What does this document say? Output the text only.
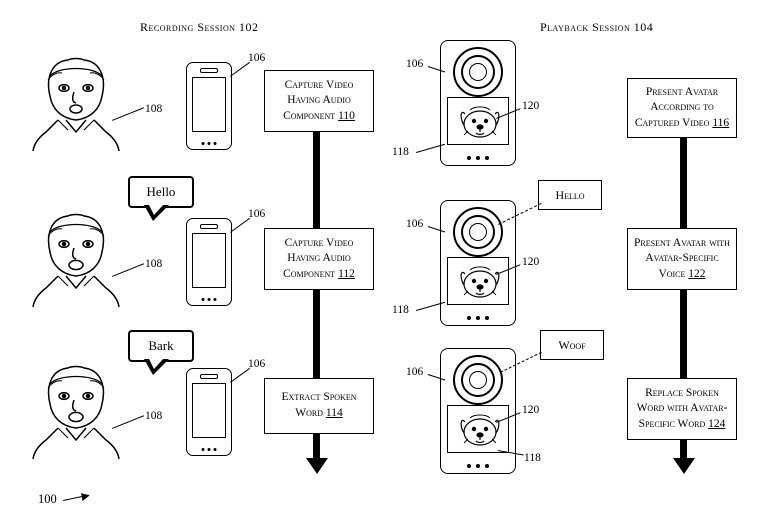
Recording Session 102	Playback Session 104
108
108
108
Hello
Bark
106
106
106
Capture Video Having Audio Component 110
Capture Video Having Audio Component 112
Extract Spoken Word 114
106
120
118
106
120
118
Hello
106
120
118
Woof
Present Avatar According to Captured Video 116
Present Avatar with Avatar-Specific Voice 122
Replace Spoken Word with Avatar-Specific Word 124
100
